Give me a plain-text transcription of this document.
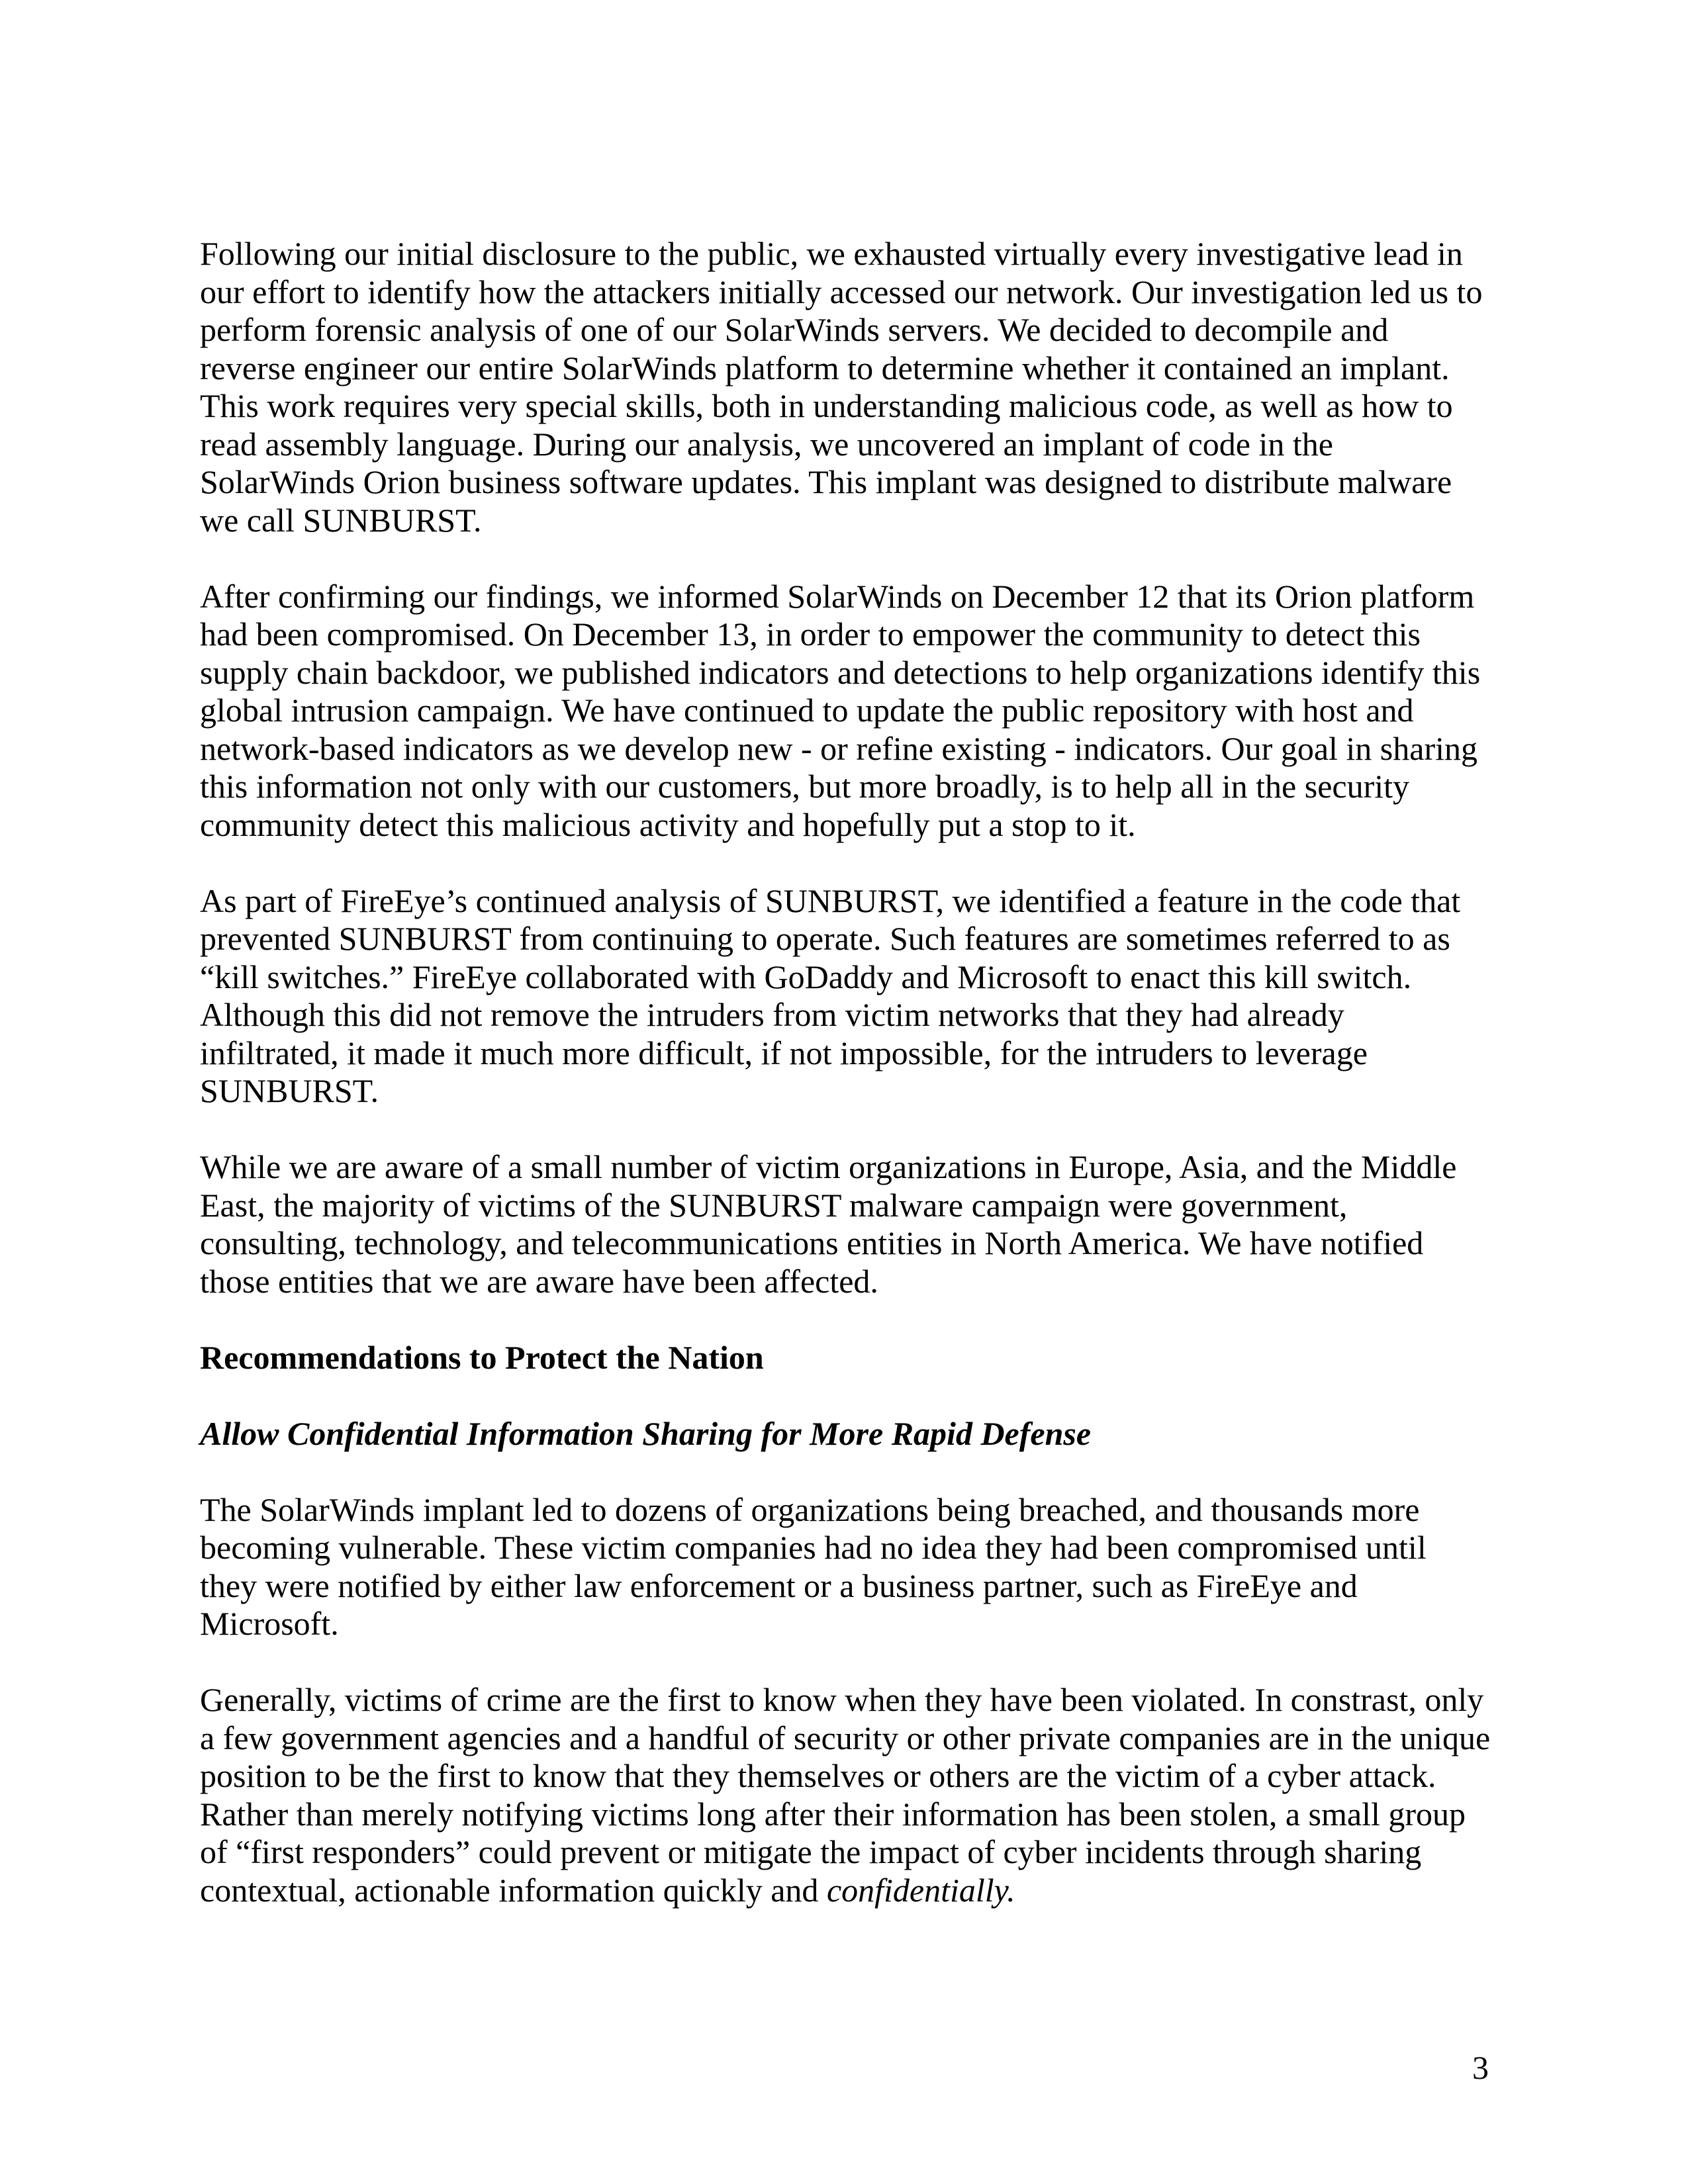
Following our initial disclosure to the public, we exhausted virtually every investigative lead in
our effort to identify how the attackers initially accessed our network. Our investigation led us to
perform forensic analysis of one of our SolarWinds servers. We decided to decompile and
reverse engineer our entire SolarWinds platform to determine whether it contained an implant.
This work requires very special skills, both in understanding malicious code, as well as how to
read assembly language. During our analysis, we uncovered an implant of code in the
SolarWinds Orion business software updates. This implant was designed to distribute malware
we call SUNBURST.
After confirming our findings, we informed SolarWinds on December 12 that its Orion platform
had been compromised. On December 13, in order to empower the community to detect this
supply chain backdoor, we published indicators and detections to help organizations identify this
global intrusion campaign. We have continued to update the public repository with host and
network-based indicators as we develop new - or refine existing - indicators. Our goal in sharing
this information not only with our customers, but more broadly, is to help all in the security
community detect this malicious activity and hopefully put a stop to it.
As part of FireEye’s continued analysis of SUNBURST, we identified a feature in the code that
prevented SUNBURST from continuing to operate. Such features are sometimes referred to as
“kill switches.” FireEye collaborated with GoDaddy and Microsoft to enact this kill switch.
Although this did not remove the intruders from victim networks that they had already
infiltrated, it made it much more difficult, if not impossible, for the intruders to leverage
SUNBURST.
While we are aware of a small number of victim organizations in Europe, Asia, and the Middle
East, the majority of victims of the SUNBURST malware campaign were government,
consulting, technology, and telecommunications entities in North America. We have notified
those entities that we are aware have been affected.
Recommendations to Protect the Nation
Allow Confidential Information Sharing for More Rapid Defense
The SolarWinds implant led to dozens of organizations being breached, and thousands more
becoming vulnerable. These victim companies had no idea they had been compromised until
they were notified by either law enforcement or a business partner, such as FireEye and
Microsoft.
Generally, victims of crime are the first to know when they have been violated. In constrast, only
a few government agencies and a handful of security or other private companies are in the unique
position to be the first to know that they themselves or others are the victim of a cyber attack.
Rather than merely notifying victims long after their information has been stolen, a small group
of “first responders” could prevent or mitigate the impact of cyber incidents through sharing
contextual, actionable information quickly and confidentially.
3
